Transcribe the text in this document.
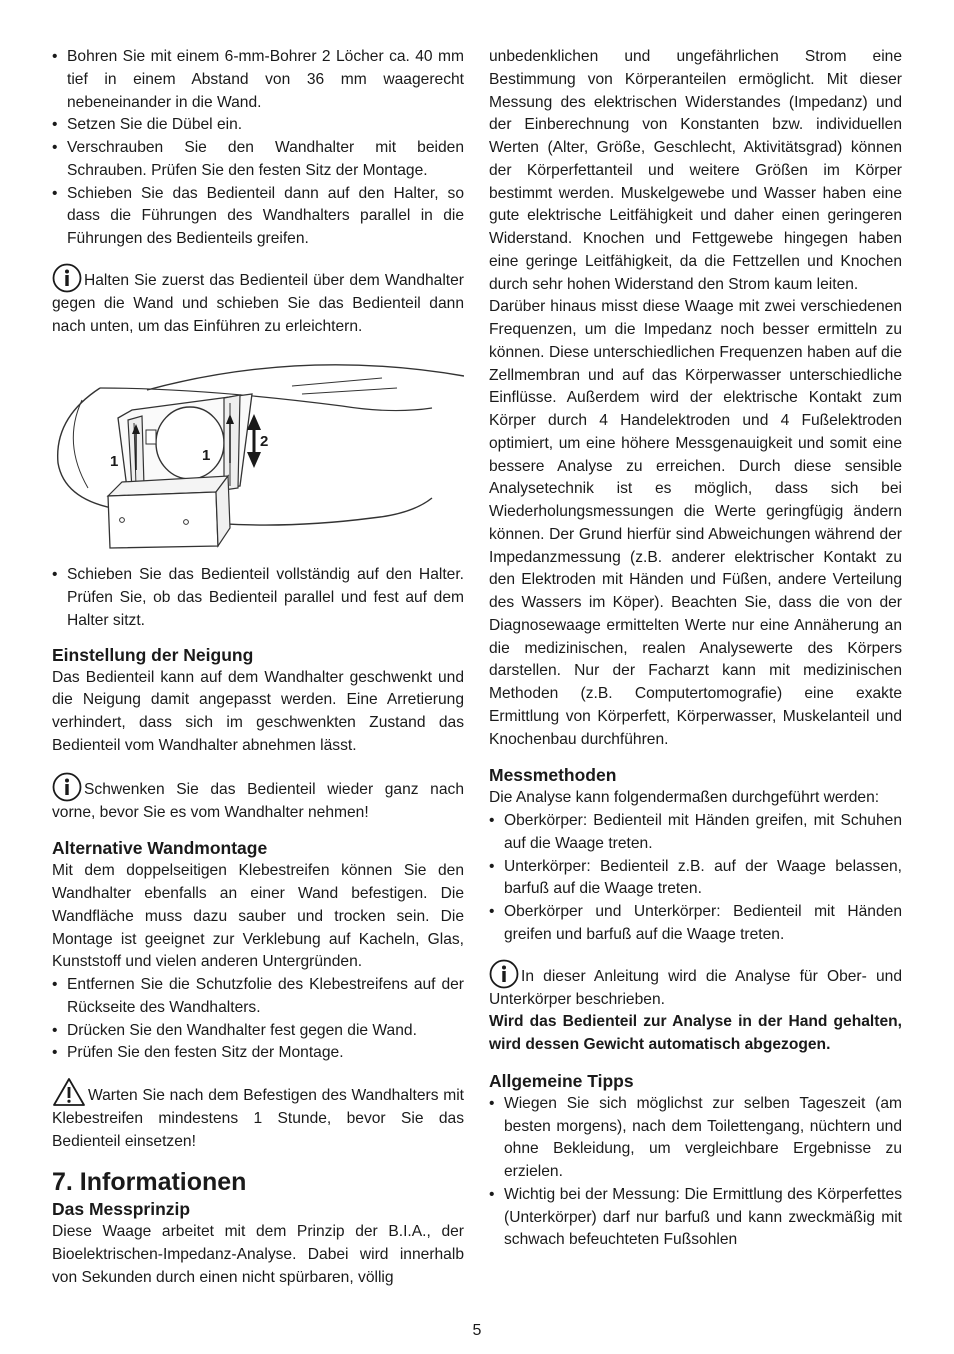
• Bohren Sie mit einem 6-mm-Bohrer 2 Löcher ca. 40 mm tief in einem Abstand von 36 mm waagerecht nebeneinander in die Wand.
• Setzen Sie die Dübel ein.
• Verschrauben Sie den Wandhalter mit beiden Schrauben. Prüfen Sie den festen Sitz der Montage.
• Schieben Sie das Bedienteil dann auf den Halter, so dass die Führungen des Wandhalters parallel in die Führungen des Bedienteils greifen.

Halten Sie zuerst das Bedienteil über dem Wandhalter gegen die Wand und schieben Sie das Bedienteil dann nach unten, um das Einführen zu erleichtern.

1	1
2
• Schieben Sie das Bedienteil vollständig auf den Halter. Prüfen Sie, ob das Bedienteil parallel und fest auf dem Halter sitzt.
Einstellung der Neigung

Das Bedienteil kann auf dem Wandhalter geschwenkt und die Neigung damit angepasst werden. Eine Arretierung verhindert, dass sich im geschwenkten Zustand das Bedienteil vom Wandhalter abnehmen lässt.

Schwenken Sie das Bedienteil wieder ganz nach vorne, bevor Sie es vom Wandhalter nehmen!

Alternative Wandmontage

Mit dem doppelseitigen Klebestreifen können Sie den Wandhalter ebenfalls an einer Wand befestigen. Die Wandfläche muss dazu sauber und trocken sein. Die Montage ist geeignet zur Verklebung auf Kacheln, Glas, Kunststoff und vielen anderen Untergründen.

• Entfernen Sie die Schutzfolie des Klebestreifens auf der Rückseite des Wandhalters.
• Drücken Sie den Wandhalter fest gegen die Wand.
• Prüfen Sie den festen Sitz der Montage.

Warten Sie nach dem Befestigen des Wandhalters mit Klebestreifen mindestens 1 Stunde, bevor Sie das Bedienteil einsetzen!

7. Informationen
Das Messprinzip

Diese Waage arbeitet mit dem Prinzip der B.I.A., der Bioelektrischen-Impedanz-Analyse. Dabei wird innerhalb von Sekunden durch einen nicht spürbaren, völlig

unbedenklichen und ungefährlichen Strom eine Bestimmung von Körperanteilen ermöglicht. Mit dieser Messung des elektrischen Widerstandes (Impedanz) und der Einberechnung von Konstanten bzw. individuellen Werten (Alter, Größe, Geschlecht, Aktivitätsgrad) können der Körperfettanteil und weitere Größen im Körper bestimmt werden. Muskelgewebe und Wasser haben eine gute elektrische Leitfähigkeit und daher einen geringeren Widerstand. Knochen und Fettgewebe hingegen haben eine geringe Leitfähigkeit, da die Fettzellen und Knochen durch sehr hohen Widerstand den Strom kaum leiten.

Darüber hinaus misst diese Waage mit zwei verschiedenen Frequenzen, um die Impedanz noch besser ermitteln zu können. Diese unterschiedlichen Frequenzen haben auf die Zellmembran und auf das Körperwasser unterschiedliche Einflüsse. Außerdem wird der elektrische Kontakt zum Körper durch 4 Handelektroden und 4 Fußelektroden optimiert, um eine höhere Messgenauigkeit und somit eine bessere Analyse zu erreichen. Durch diese sensible Analysetechnik ist es möglich, dass sich bei Wiederholungsmessungen die Werte geringfügig ändern können. Der Grund hierfür sind Abweichungen während der Impedanzmessung (z.B. anderer elektrischer Kontakt zu den Elektroden mit Händen und Füßen, andere Verteilung des Wassers im Köper). Beachten Sie, dass die von der Diagnosewaage ermittelten Werte nur eine Annäherung an die medizinischen, realen Analysewerte des Körpers darstellen. Nur der Facharzt kann mit medizinischen Methoden (z.B. Computertomografie) eine exakte Ermittlung von Körperfett, Körperwasser, Muskelanteil und Knochenbau durchführen.

Messmethoden

Die Analyse kann folgendermaßen durchgeführt werden:

• Oberkörper: Bedienteil mit Händen greifen, mit Schuhen auf die Waage treten.
• Unterkörper: Bedienteil z.B. auf der Waage belassen, barfuß auf die Waage treten.
• Oberkörper und Unterkörper: Bedienteil mit Händen greifen und barfuß auf die Waage treten.

In dieser Anleitung wird die Analyse für Ober- und Unterkörper beschrieben.

Wird das Bedienteil zur Analyse in der Hand gehalten, wird dessen Gewicht automatisch abgezogen.

Allgemeine Tipps
• Wiegen Sie sich möglichst zur selben Tageszeit (am besten morgens), nach dem Toilettengang, nüchtern und ohne Bekleidung, um vergleichbare Ergebnisse zu erzielen.
• Wichtig bei der Messung: Die Ermittlung des Körperfettes (Unterkörper) darf nur barfuß und kann zweckmäßig mit schwach befeuchteten Fußsohlen
5
